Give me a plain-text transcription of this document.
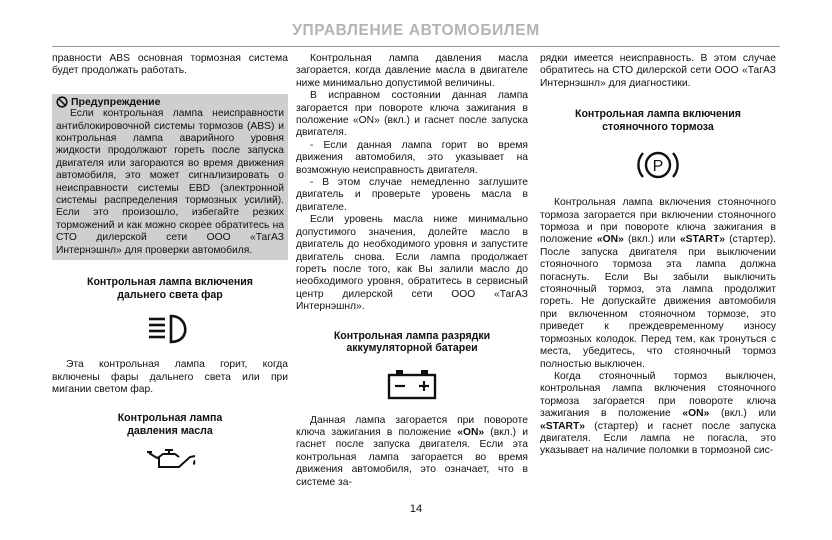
УПРАВЛЕНИЕ АВТОМОБИЛЕМ

правности ABS основная тормозная система будет продолжать работать.

Предупреждение

Если контрольная лампа неисправности антиблокировочной системы тормозов (ABS) и контрольная лампа аварийного уровня жидкости продолжают гореть после запуска двигателя или загораются во время движения автомобиля, это может сигнализировать о неисправности системы EBD (электронной системы распределения тормозных усилий). Если это произошло, избегайте резких торможений и как можно скорее обратитесь на СТО дилерской сети ООО «ТагАЗ Интернэшнл» для проверки автомобиля.

Контрольная лампа включения
дальнего света фар

Эта контрольная лампа горит, когда включены фары дальнего света или при мигании светом фар.

Контрольная лампа
давления масла

Контрольная лампа давления масла загорается, когда давление масла в двигателе ниже минимально допустимой величины.

В исправном состоянии данная лампа загорается при повороте ключа зажигания в положение «ON» (вкл.) и гаснет после запуска двигателя.

- Если данная лампа горит во время движения автомобиля, это указывает на возможную неисправность двигателя.

- В этом случае немедленно заглушите двигатель и проверьте уровень масла в двигателе.

Если уровень масла ниже минимально допустимого значения, долейте масло в двигатель до необходимого уровня и запустите двигатель снова. Если лампа продолжает гореть после того, как Вы залили масло до необходимого уровня, обратитесь в сервисный центр дилерской сети ООО «ТагАЗ Интернэшнл».

Контрольная лампа разрядки
аккумуляторной батареи

Данная лампа загорается при повороте ключа зажигания в положение «ON» (вкл.) и гаснет после запуска двигателя. Если эта контрольная лампа загорается во время движения автомобиля, это означает, что в системе за-

рядки имеется неисправность. В этом случае обратитесь на СТО дилерской сети ООО «ТагАЗ Интернэшнл» для диагностики.

Контрольная лампа включения
стояночного тормоза
P

Контрольная лампа включения стояночного тормоза загорается при включении стояночного тормоза и при повороте ключа зажигания в положение «ON» (вкл.) или «START» (стартер). После запуска двигателя при выключении стояночного тормоза эта лампа должна погаснуть. Если Вы забыли выключить стояночный тормоз, эта лампа продолжит гореть. Не допускайте движения автомобиля при включенном стояночном тормозе, это приведет к преждевременному износу тормозных колодок. Перед тем, как тронуться с места, убедитесь, что стояночный тормоз полностью выключен.

Когда стояночный тормоз выключен, контрольная лампа включения стояночного тормоза загорается при повороте ключа зажигания в положение «ON» (вкл.) или «START» (стартер) и гаснет после запуска двигателя. Если лампа не погасла, это указывает на наличие поломки в тормозной сис-

14
